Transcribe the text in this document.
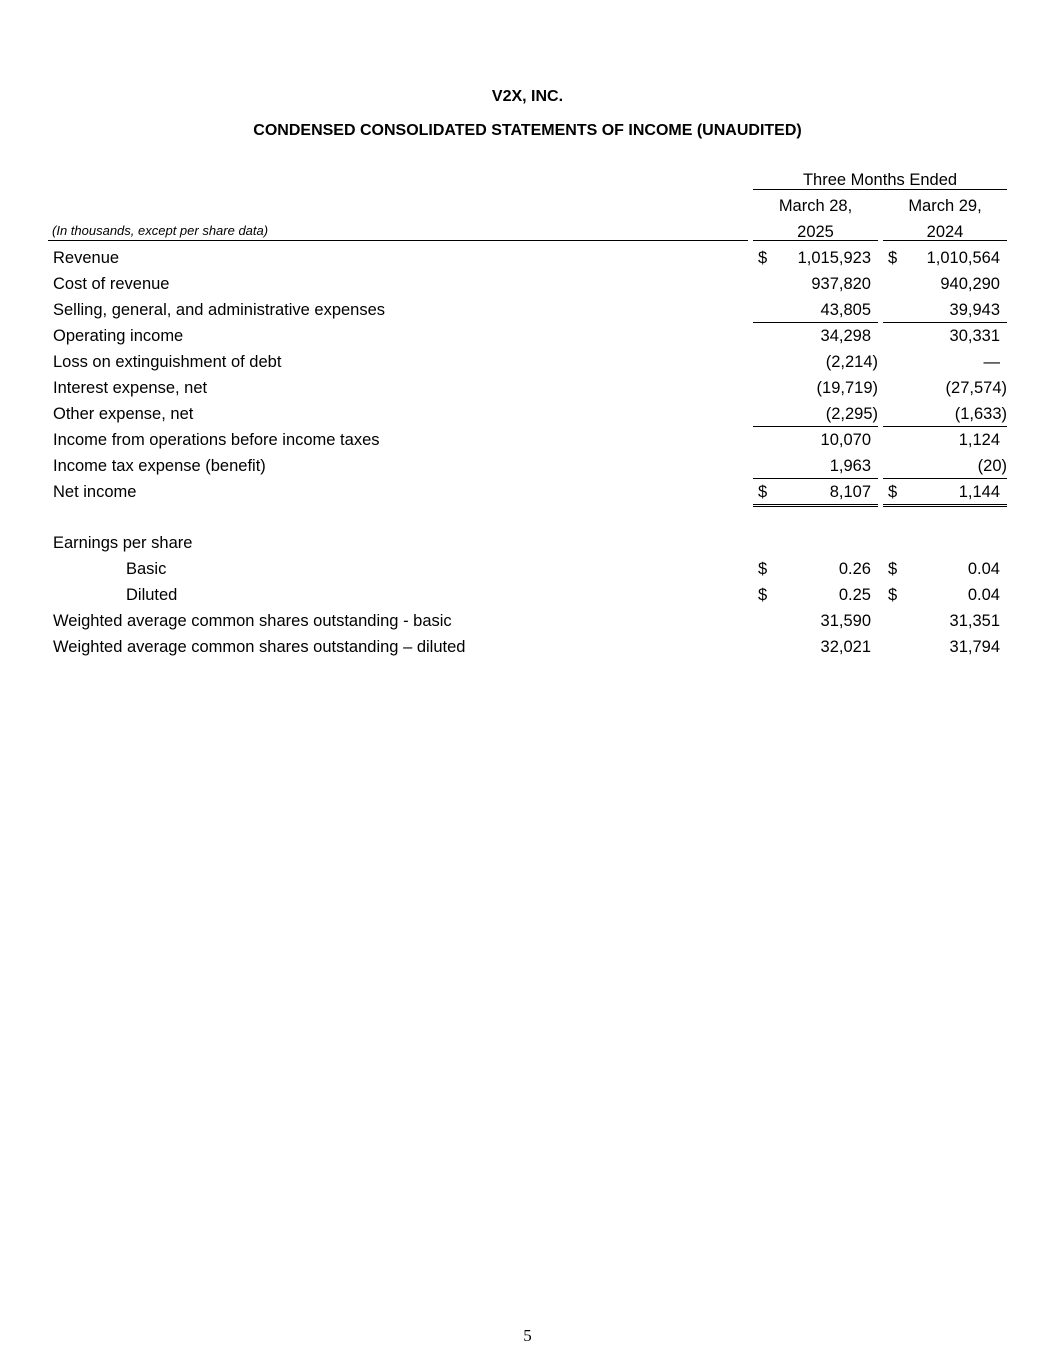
V2X, INC.
CONDENSED CONSOLIDATED STATEMENTS OF INCOME (UNAUDITED)
Three Months Ended
March 28,	March 29,
(In thousands, except per share data)	2025	2024
Revenue	$ 1,015,923 $ 1,010,564
Cost of revenue	937,820	940,290
Selling, general, and administrative expenses	43,805	39,943
Operating income	34,298	30,331
Loss on extinguishment of debt	(2,214)	—
Interest expense, net	(19,719)	(27,574)
Other expense, net	(2,295)	(1,633)
Income from operations before income taxes	10,070	1,124
Income tax expense (benefit)	1,963	(20)
Net income	$	8,107 $	1,144
Earnings per share
Basic	$	0.26 $	0.04
Diluted	$	0.25 $	0.04
Weighted average common shares outstanding - basic	31,590	31,351
Weighted average common shares outstanding – diluted	32,021	31,794
5
